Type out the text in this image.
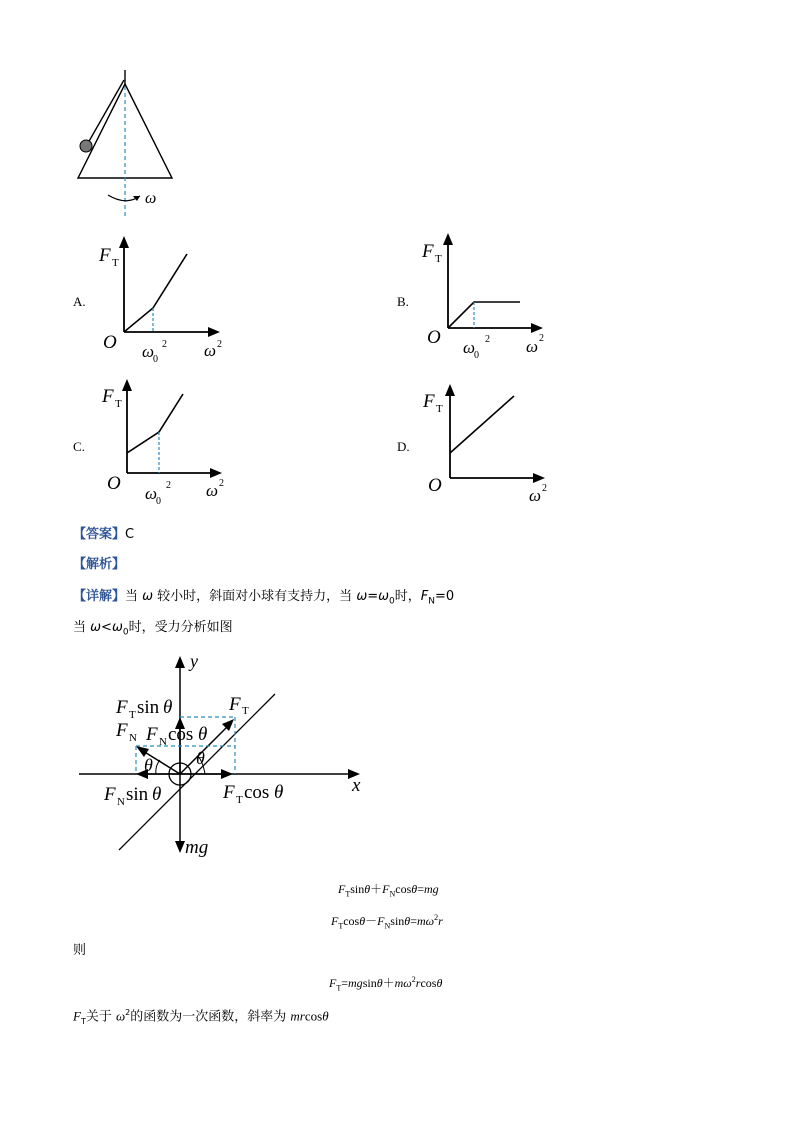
ω
A.
F T
O ω
0
2 ω 2
B.
F T
O ω
0
2 ω 2
C.
F T
O ω
0
2 ω 2
D.
F T
O	ω 2
【答案】C
【解析】
【详解】当 ω 较小时，斜面对小球有支持力，当 $\omega=\omega_0$时，$F_N=0$
当 $\omega<\omega_0$时，受力分析如图
y
x
mg
F T
F N
F T sin θ
F N cos θ
F N sin θ	F T cos θ
θ θ
$F_T\sin\theta+F_N\cos\theta=mg$
$F_T\cos\theta-F_N\sin\theta=m\omega^2r$
则
$F_T=mgsin\theta+m\omega^2rcos\theta$
$F_T$关于 $\omega^2$的函数为一次函数，斜率为 mrcosθ
